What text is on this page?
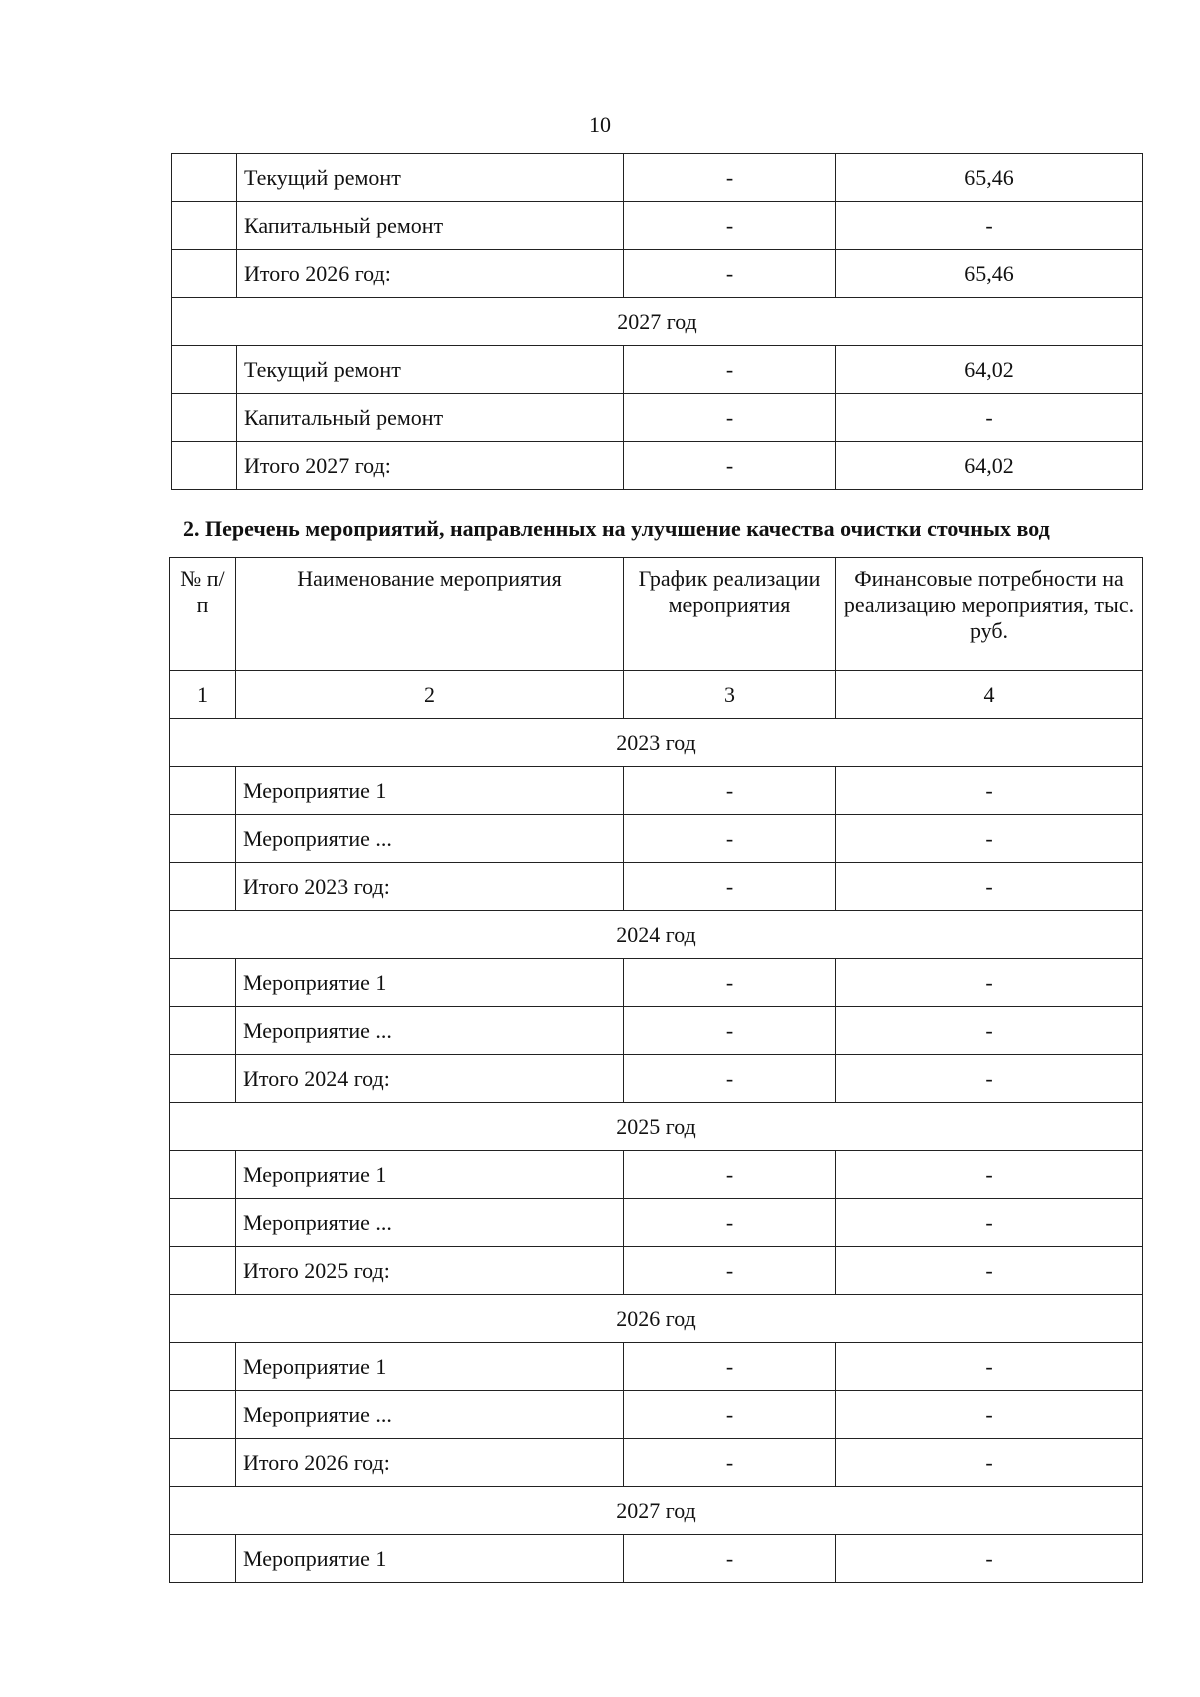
10
	Текущий ремонт	-	65,46
	Капитальный ремонт	-	-
	Итого 2026 год:	-	65,46
2027 год			
	Текущий ремонт	-	64,02
	Капитальный ремонт	-	-
	Итого 2027 год:	-	64,02
2. Перечень мероприятий, направленных на улучшение качества очистки сточных вод
№ п/п	Наименование мероприятия	График реализации мероприятия	Финансовые потребности на реализацию мероприятия, тыс. руб.
1	2	3	4
2023 год			
	Мероприятие 1	-	-
	Мероприятие ...	-	-
	Итого 2023 год:	-	-
2024 год			
	Мероприятие 1	-	-
	Мероприятие ...	-	-
	Итого 2024 год:	-	-
2025 год			
	Мероприятие 1	-	-
	Мероприятие ...	-	-
	Итого 2025 год:	-	-
2026 год			
	Мероприятие 1	-	-
	Мероприятие ...	-	-
	Итого 2026 год:	-	-
2027 год			
	Мероприятие 1	-	-
